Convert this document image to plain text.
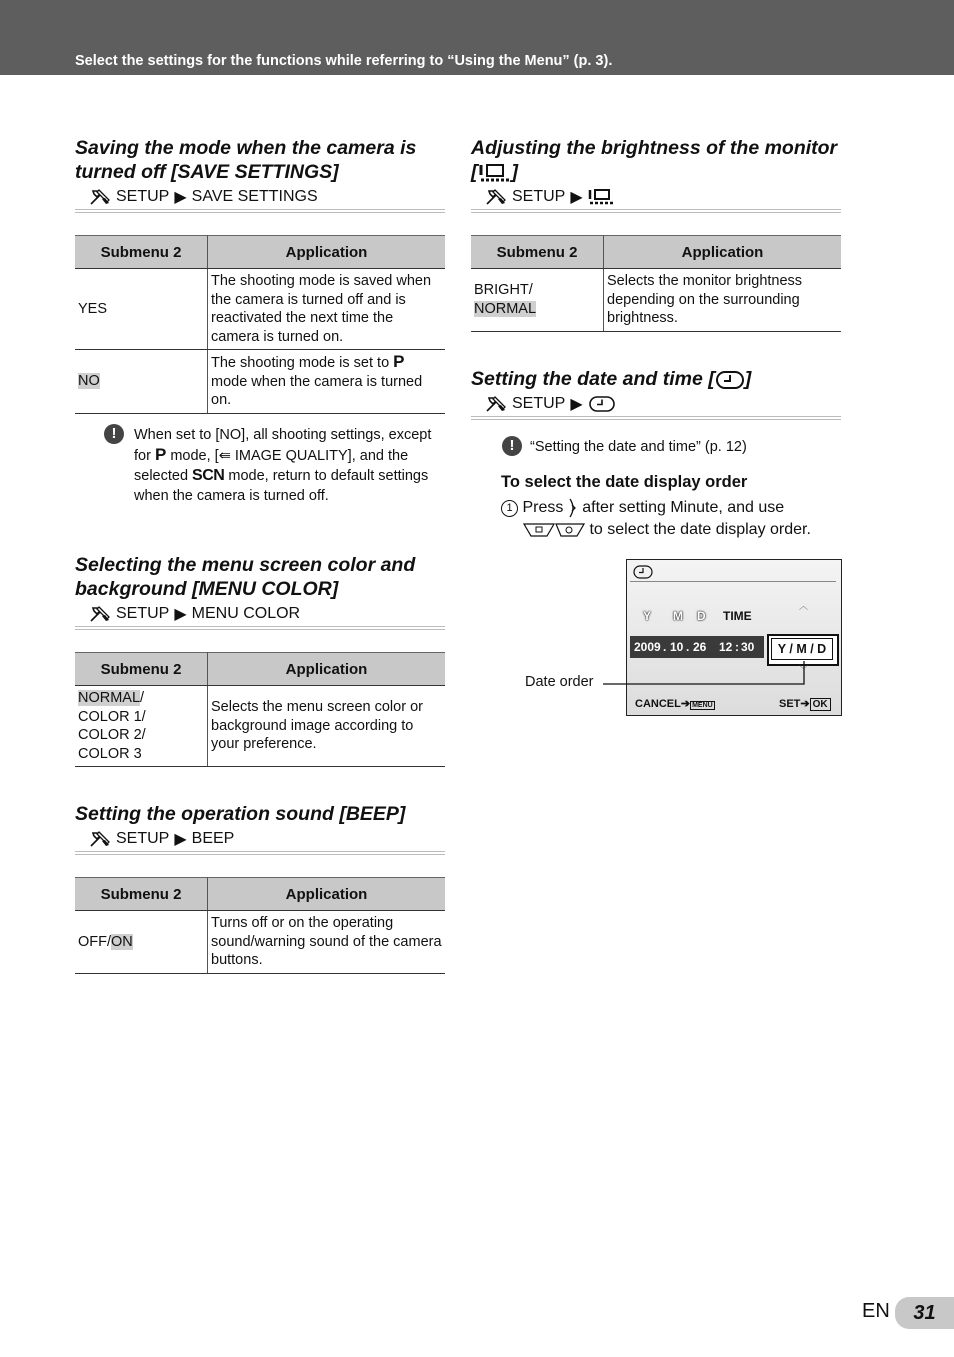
Select the settings for the functions while referring to “Using the Menu” (p. 3).

Saving the mode when the camera is
turned off [SAVE SETTINGS]

SETUP ▶ SAVE SETTINGS
Submenu 2	Application
YES	The shooting mode is saved when the camera is turned off and is reactivated the next time the camera is turned on.
NO	The shooting mode is set to P mode when the camera is turned on.
!	When set to [NO], all shooting settings, except for P mode, [⇚ IMAGE QUALITY], and the selected SCN mode, return to default settings when the camera is turned off.

Selecting the menu screen color and
background [MENU COLOR]

SETUP ▶ MENU COLOR
Submenu 2	Application
NORMAL/
COLOR 1/
COLOR 2/
COLOR 3	Selects the menu screen color or background image according to your preference.

Setting the operation sound [BEEP]

SETUP ▶ BEEP
Submenu 2	Application
OFF/ON	Turns off or on the operating sound/warning sound of the camera buttons.

Adjusting the brightness of the monitor
[ ]

SETUP ▶
Submenu 2	Application
BRIGHT/
NORMAL	Selects the monitor brightness depending on the surrounding brightness.

Setting the date and time [ ]

SETUP ▶
!	“Setting the date and time” (p. 12)
To select the date display order
1 Press after setting Minute, and use
to select the date display order.
Y M D TIME
︿
2009 . 10 . 26 12 : 30	Y / M / D
﹀
CANCEL➔ MENU	SET➔ OK
Date order
EN	31
